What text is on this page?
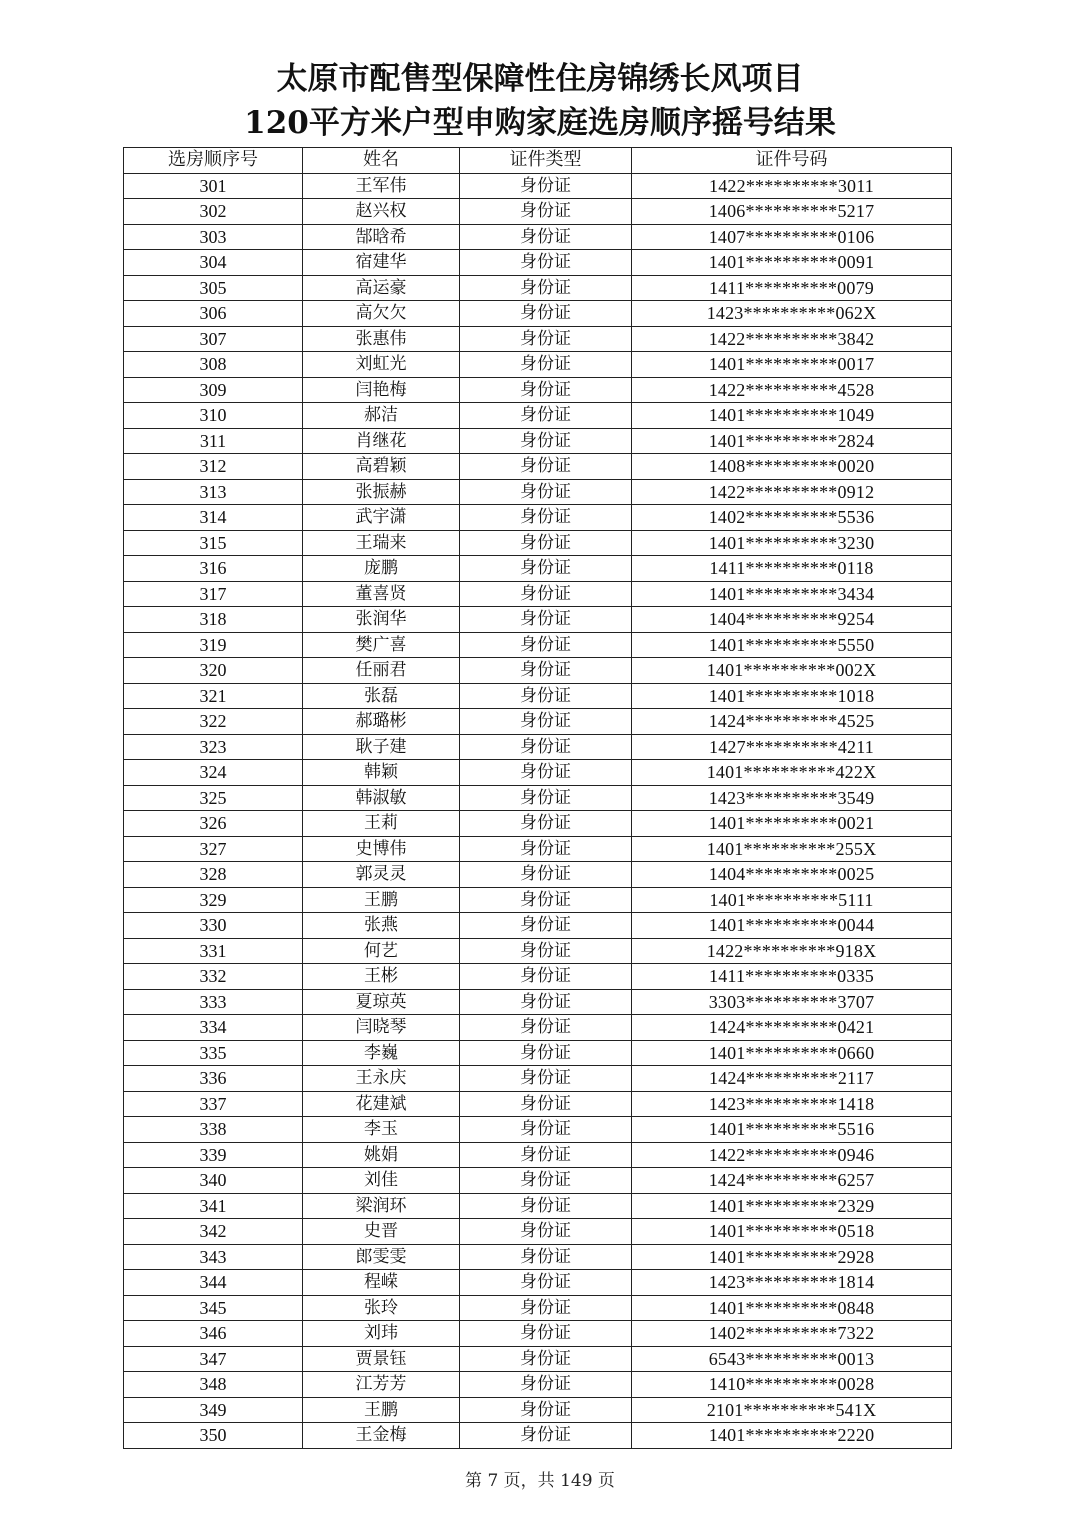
太原市配售型保障性住房锦绣长风项目
120平方米户型申购家庭选房顺序摇号结果
选房顺序号	姓名	证件类型	证件号码
301	王军伟	身份证	1422**********3011
302	赵兴权	身份证	1406**********5217
303	郜晗希	身份证	1407**********0106
304	宿建华	身份证	1401**********0091
305	高运豪	身份证	1411**********0079
306	高欠欠	身份证	1423**********062X
307	张惠伟	身份证	1422**********3842
308	刘虹光	身份证	1401**********0017
309	闫艳梅	身份证	1422**********4528
310	郝洁	身份证	1401**********1049
311	肖继花	身份证	1401**********2824
312	高碧颖	身份证	1408**********0020
313	张振赫	身份证	1422**********0912
314	武宇潇	身份证	1402**********5536
315	王瑞来	身份证	1401**********3230
316	庞鹏	身份证	1411**********0118
317	董喜贤	身份证	1401**********3434
318	张润华	身份证	1404**********9254
319	樊广喜	身份证	1401**********5550
320	任丽君	身份证	1401**********002X
321	张磊	身份证	1401**********1018
322	郝璐彬	身份证	1424**********4525
323	耿子建	身份证	1427**********4211
324	韩颖	身份证	1401**********422X
325	韩淑敏	身份证	1423**********3549
326	王莉	身份证	1401**********0021
327	史博伟	身份证	1401**********255X
328	郭灵灵	身份证	1404**********0025
329	王鹏	身份证	1401**********5111
330	张燕	身份证	1401**********0044
331	何艺	身份证	1422**********918X
332	王彬	身份证	1411**********0335
333	夏琼英	身份证	3303**********3707
334	闫晓琴	身份证	1424**********0421
335	李巍	身份证	1401**********0660
336	王永庆	身份证	1424**********2117
337	花建斌	身份证	1423**********1418
338	李玉	身份证	1401**********5516
339	姚娟	身份证	1422**********0946
340	刘佳	身份证	1424**********6257
341	梁润环	身份证	1401**********2329
342	史晋	身份证	1401**********0518
343	郎雯雯	身份证	1401**********2928
344	程嵘	身份证	1423**********1814
345	张玲	身份证	1401**********0848
346	刘玮	身份证	1402**********7322
347	贾景钰	身份证	6543**********0013
348	江芳芳	身份证	1410**********0028
349	王鹏	身份证	2101**********541X
350	王金梅	身份证	1401**********2220
第 7 页，共 149 页
